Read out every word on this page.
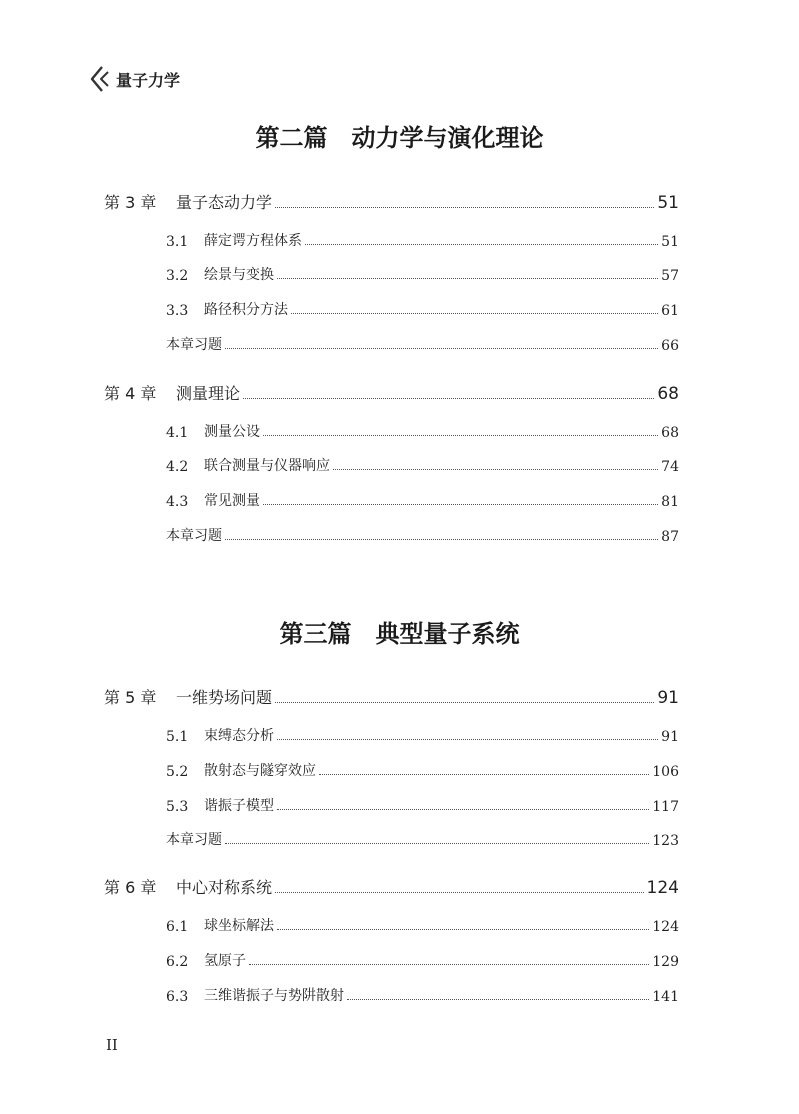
量子力学
第二篇　动力学与演化理论
第 3 章	量子态动力学	51
3.1	薛定谔方程体系	51
3.2	绘景与变换	57
3.3	路径积分方法	61
本章习题	66
第 4 章	测量理论	68
4.1	测量公设	68
4.2	联合测量与仪器响应	74
4.3	常见测量	81
本章习题	87
第三篇　典型量子系统
第 5 章	一维势场问题	91
5.1	束缚态分析	91
5.2	散射态与隧穿效应	106
5.3	谐振子模型	117
本章习题	123
第 6 章	中心对称系统	124
6.1	球坐标解法	124
6.2	氢原子	129
6.3	三维谐振子与势阱散射	141
II
